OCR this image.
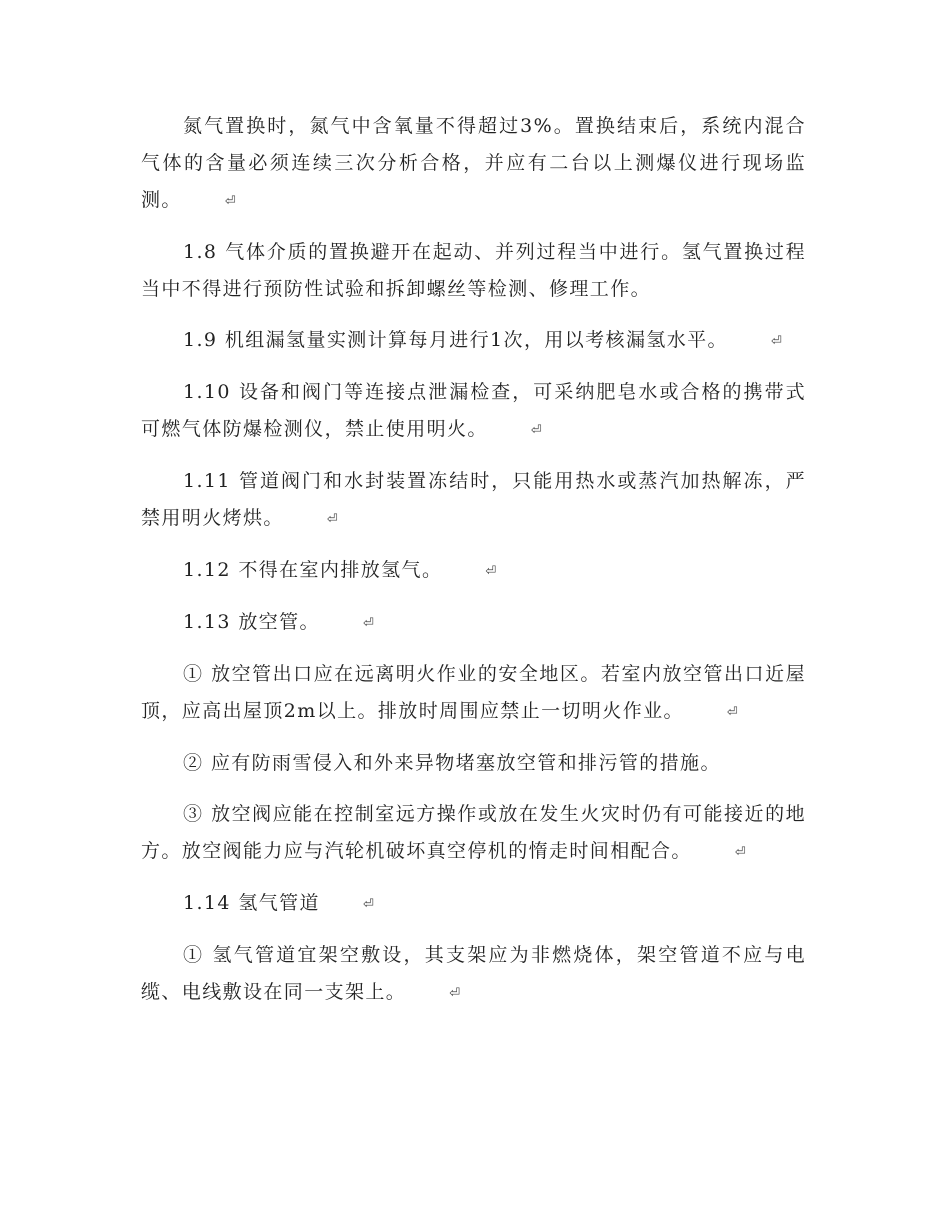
氮气置换时，氮气中含氧量不得超过3%。置换结束后，系统内混合气体的含量必须连续三次分析合格，并应有二台以上测爆仪进行现场监测。	⏎

1.8 气体介质的置换避开在起动、并列过程当中进行。氢气置换过程当中不得进行预防性试验和拆卸螺丝等检测、修理工作。

1.9 机组漏氢量实测计算每月进行1次，用以考核漏氢水平。	⏎

1.10 设备和阀门等连接点泄漏检查，可采纳肥皂水或合格的携带式可燃气体防爆检测仪，禁止使用明火。	⏎

1.11 管道阀门和水封装置冻结时，只能用热水或蒸汽加热解冻，严禁用明火烤烘。	⏎

1.12 不得在室内排放氢气。	⏎

1.13 放空管。	⏎

① 放空管出口应在远离明火作业的安全地区。若室内放空管出口近屋顶，应高出屋顶2m以上。排放时周围应禁止一切明火作业。	⏎

② 应有防雨雪侵入和外来异物堵塞放空管和排污管的措施。

③ 放空阀应能在控制室远方操作或放在发生火灾时仍有可能接近的地方。放空阀能力应与汽轮机破坏真空停机的惰走时间相配合。	⏎

1.14 氢气管道	⏎

① 氢气管道宜架空敷设，其支架应为非燃烧体，架空管道不应与电缆、电线敷设在同一支架上。	⏎
